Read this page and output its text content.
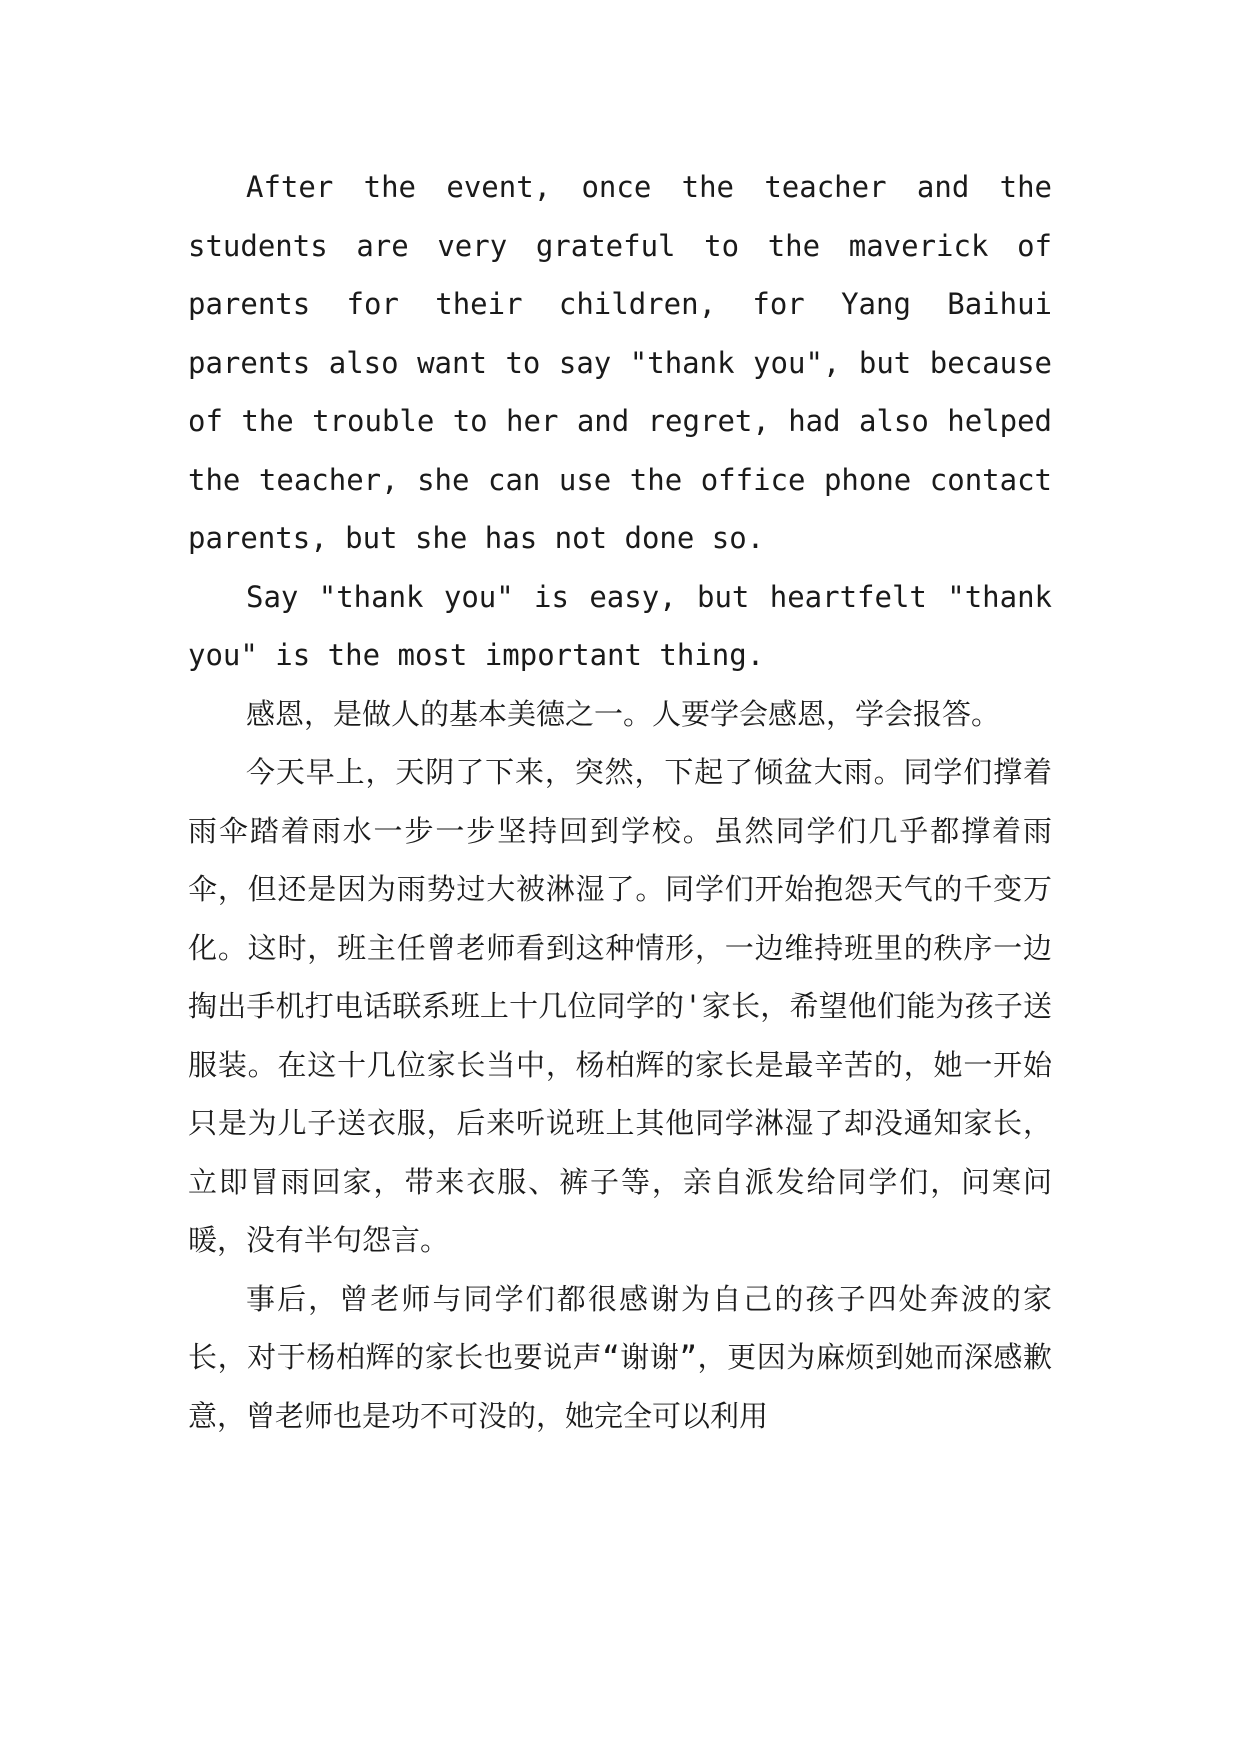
After the event, once the teacher and the students are very grateful to the maverick of parents for their children, for Yang Baihui parents also want to say "thank you", but because of the trouble to her and regret, had also helped the teacher, she can use the office phone contact parents, but she has not done so.

Say "thank you" is easy, but heartfelt "thank you" is the most important thing.

感恩，是做人的基本美德之一。人要学会感恩，学会报答。

今天早上，天阴了下来，突然，下起了倾盆大雨。同学们撑着雨伞踏着雨水一步一步坚持回到学校。虽然同学们几乎都撑着雨伞，但还是因为雨势过大被淋湿了。同学们开始抱怨天气的千变万化。这时，班主任曾老师看到这种情形，一边维持班里的秩序一边掏出手机打电话联系班上十几位同学的'家长，希望他们能为孩子送服装。在这十几位家长当中，杨柏辉的家长是最辛苦的，她一开始只是为儿子送衣服，后来听说班上其他同学淋湿了却没通知家长，立即冒雨回家，带来衣服、裤子等，亲自派发给同学们，问寒问暖，没有半句怨言。

事后，曾老师与同学们都很感谢为自己的孩子四处奔波的家长，对于杨柏辉的家长也要说声“谢谢”，更因为麻烦到她而深感歉意，曾老师也是功不可没的，她完全可以利用
